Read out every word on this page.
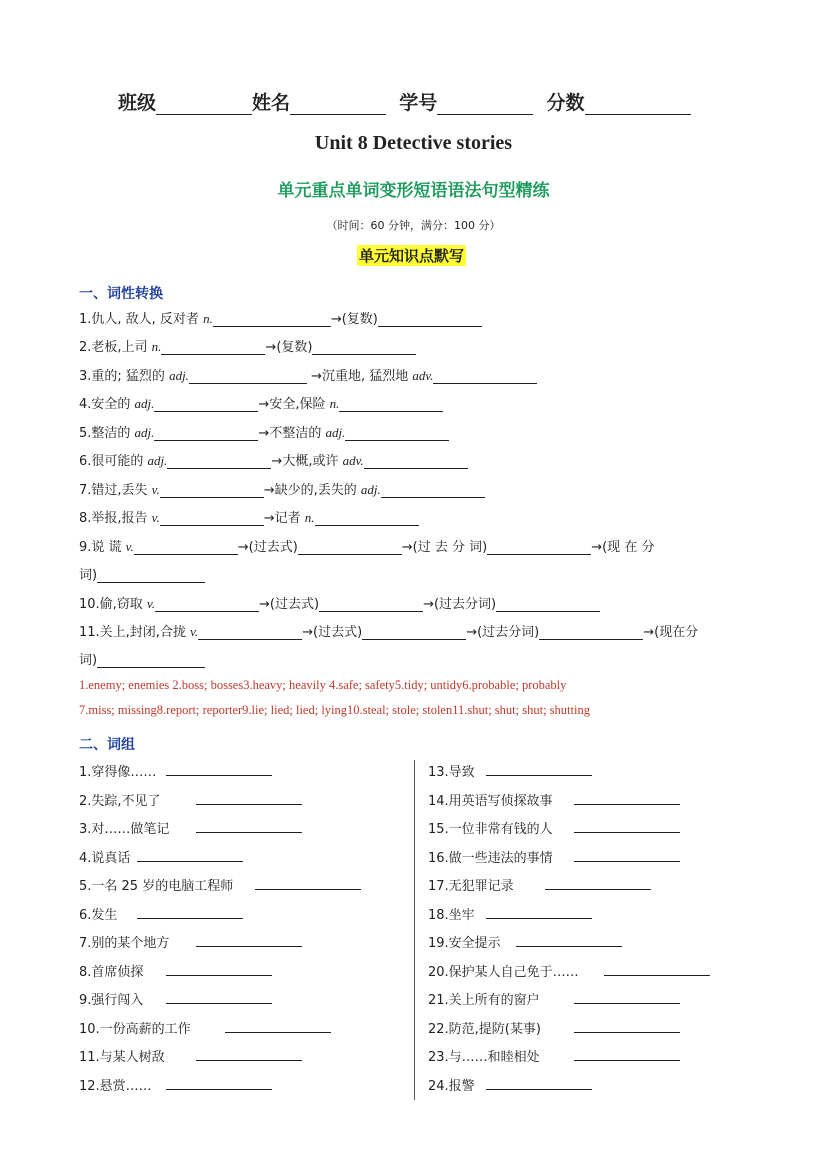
班级	姓名	学号	分数
Unit 8 Detective stories
单元重点单词变形短语语法句型精练
（时间：60 分钟，满分：100 分）
单元知识点默写
一、词性转换
1.仇人, 敌人, 反对者 n.	→(复数)
2.老板,上司 n.	→(复数)
3.重的; 猛烈的 adj.	→沉重地, 猛烈地 adv.
4.安全的 adj.	→安全,保险 n.
5.整洁的 adj.	→不整洁的 adj.
6.很可能的 adj.	→大概,或许 adv.
7.错过,丢失 v.	→缺少的,丢失的 adj.
8.举报,报告 v.	→记者 n.
9.说 谎 v.	→(过去式)	→(过 去 分 词)	→(现 在 分
词)
10.偷,窃取 v.	→(过去式)	→(过去分词)
11.关上,封闭,合拢 v.	→(过去式)	→(过去分词)	→(现在分
词)
1.enemy; enemies 2.boss; bosses3.heavy; heavily 4.safe; safety5.tidy; untidy6.probable; probably
7.miss; missing8.report; reporter9.lie; lied; lied; lying10.steal; stole; stolen11.shut; shut; shut; shutting
二、词组
1.穿得像……
2.失踪,不见了
3.对……做笔记
4.说真话
5.一名 25 岁的电脑工程师
6.发生
7.别的某个地方
8.首席侦探
9.强行闯入
10.一份高薪的工作
11.与某人树敌
12.悬赏……
13.导致
14.用英语写侦探故事
15.一位非常有钱的人
16.做一些违法的事情
17.无犯罪记录
18.坐牢
19.安全提示
20.保护某人自己免于……
21.关上所有的窗户
22.防范,提防(某事)
23.与……和睦相处
24.报警
